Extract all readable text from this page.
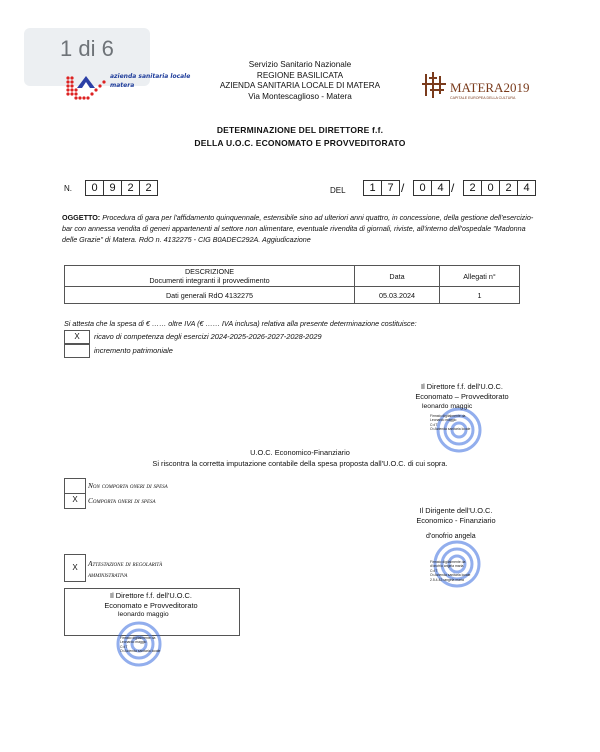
1 di 6
azienda sanitaria locale
matera
Servizio Sanitario Nazionale
REGIONE BASILICATA
AZIENDA SANITARIA LOCALE DI MATERA
Via Montescaglioso - Matera
MATERA2019
CAPITALE EUROPEA DELLA CULTURA
DETERMINAZIONE DEL DIRETTORE f.f.
DELLA U.O.C. ECONOMATO E PROVVEDITORATO
N.	0	9	2	2	DEL	1	7 /	0	4 /	2	0	2	4
OGGETTO: Procedura di gara per l'affidamento quinquennale, estensibile sino ad ulteriori anni quattro, in concessione, della gestione dell'esercizio-bar con annessa vendita di generi appartenenti al settore non alimentare, eventuale rivendita di giornali, riviste, all'interno dell'ospedale "Madonna delle Grazie" di Matera. RdO n. 4132275 - CIG B0ADEC292A. Aggiudicazione
DESCRIZIONE
Documenti integranti il provvedimento	Data	Allegati n°
Dati generali RdO 4132275	05.03.2024	1
Si attesta che la spesa di € …… oltre IVA (€ …… IVA inclusa) relativa alla presente determinazione costituisce:
X	ricavo di competenza degli esercizi 2024-2025-2026-2027-2028-2029
incremento patrimoniale
Il Direttore f.f. dell'U.O.C.
Economato – Provveditorato
leonardo maggic
Firmato digitalmente da
Leonardo maggio
C=IT
O=Azienda sanitaria locale
U.O.C. Economico-Finanziario
Si riscontra la corretta imputazione contabile della spesa proposta dall'U.O.C. di cui sopra.
Non comporta oneri di spesa
X	Comporta oneri di spesa
Il Dirigente dell'U.O.C.
Economico - Finanziario
d'onofrio angela
Firmato digitalmente da
d'onofrio angela maria
C=IT
O=Azienda sanitaria locale
2.5.4.42=angela maria
X	Attestazione di regolarità
amministrativa
Il Direttore f.f. dell'U.O.C.
Economato e Provveditorato
leonardo maggio
Firmato digitalmente da
Leonardo maggio
C=IT
O=Azienda sanitaria locale
